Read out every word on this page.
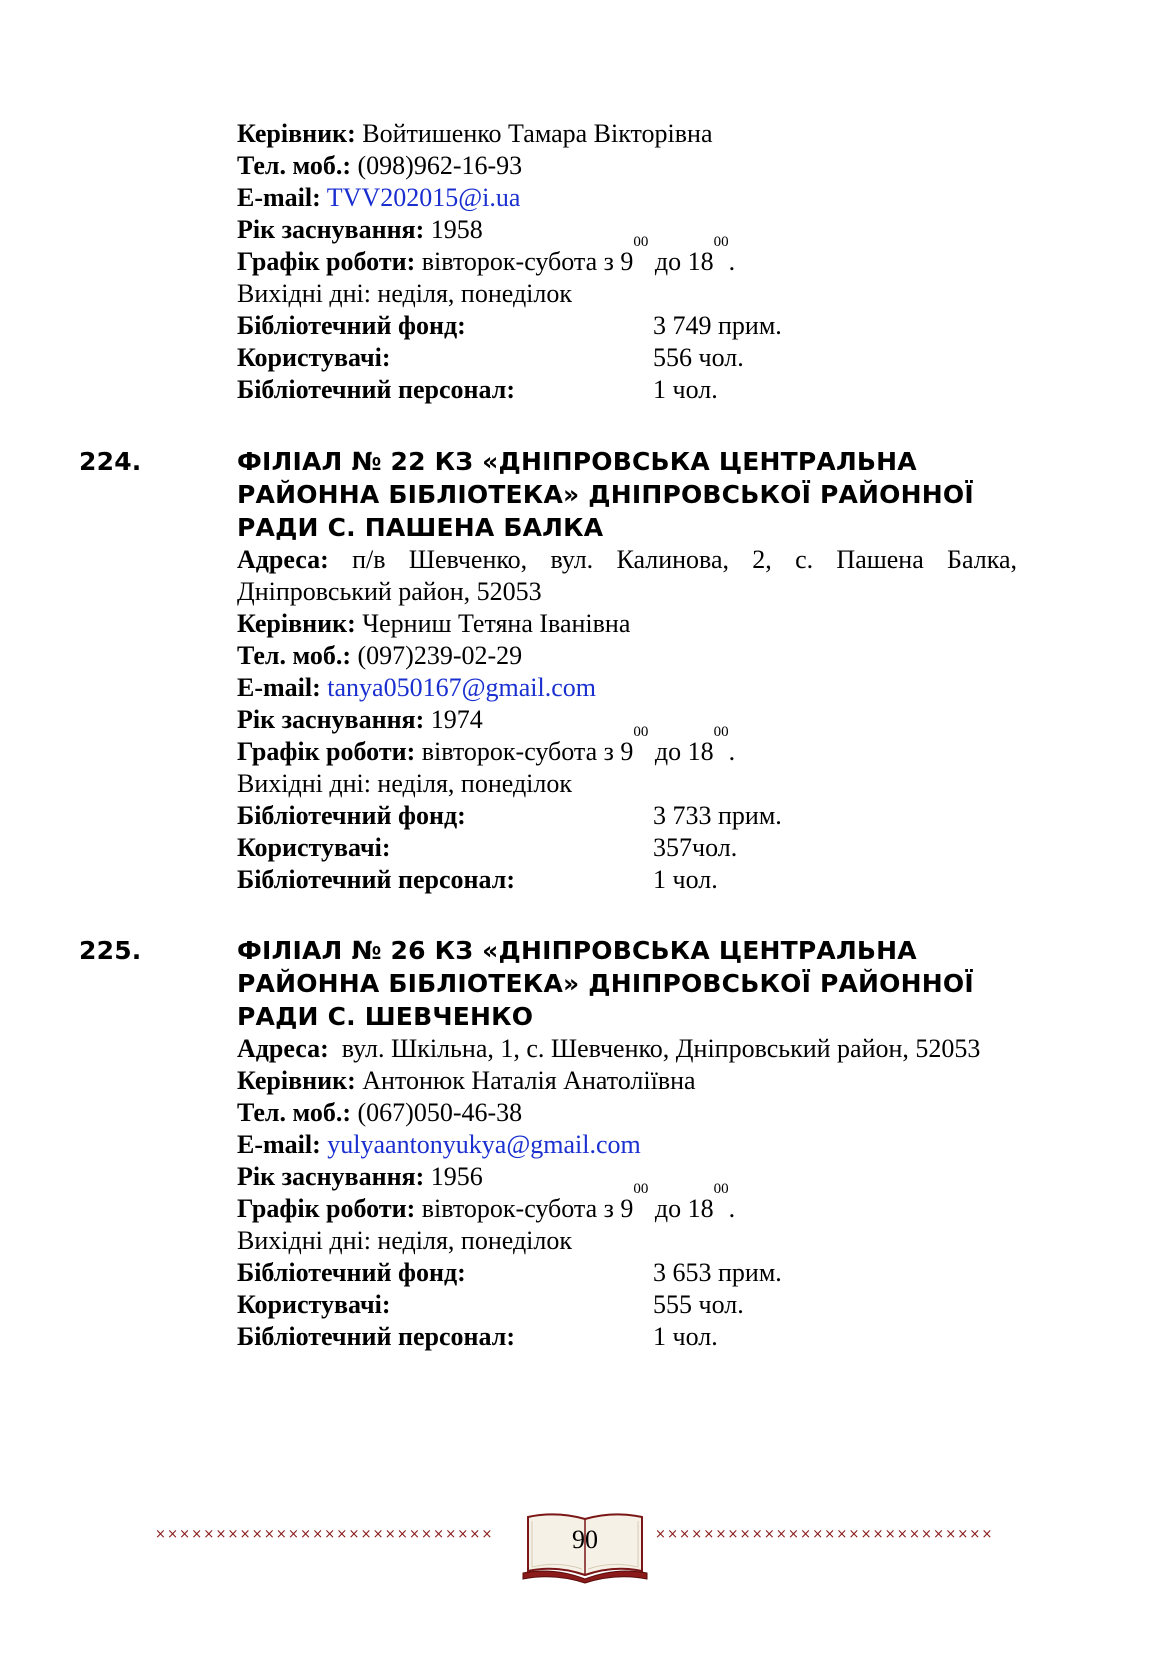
Керівник: Войтишенко Тамара Вікторівна
Тел. моб.: (098)962-16-93
E-mail: TVV202015@i.ua
Рік заснування: 1958
Графік роботи: вівторок-субота з $9^{00}$ до $18^{00}$.
Вихідні дні: неділя, понеділок
Бібліотечний фонд:	3 749 прим.
Користувачі:	556 чол.
Бібліотечний персонал:	1 чол.
224.	ФІЛІАЛ № 22 КЗ «ДНІПРОВСЬКА ЦЕНТРАЛЬНА
РАЙОННА БІБЛІОТЕКА» ДНІПРОВСЬКОЇ РАЙОННОЇ
РАДИ С. ПАШЕНА БАЛКА
Адреса: п/в Шевченко, вул. Калинова, 2, с. Пашена Балка, Дніпровський район, 52053
Керівник: Черниш Тетяна Іванівна
Тел. моб.: (097)239-02-29
E-mail: tanya050167@gmail.com
Рік заснування: 1974
Графік роботи: вівторок-субота з $9^{00}$ до $18^{00}$.
Вихідні дні: неділя, понеділок
Бібліотечний фонд:	3 733 прим.
Користувачі:	357чол.
Бібліотечний персонал:	1 чол.
225.	ФІЛІАЛ № 26 КЗ «ДНІПРОВСЬКА ЦЕНТРАЛЬНА
РАЙОННА БІБЛІОТЕКА» ДНІПРОВСЬКОЇ РАЙОННОЇ
РАДИ С. ШЕВЧЕНКО
Адреса: вул. Шкільна, 1, с. Шевченко, Дніпровський район, 52053
Керівник: Антонюк Наталія Анатоліївна
Тел. моб.: (067)050-46-38
E-mail: yulyaantonyukya@gmail.com
Рік заснування: 1956
Графік роботи: вівторок-субота з $9^{00}$ до $18^{00}$.
Вихідні дні: неділя, понеділок
Бібліотечний фонд:	3 653 прим.
Користувачі:	555 чол.
Бібліотечний персонал:	1 чол.
××××××××××××××××××××××××××××	90	××××××××××××××××××××××××××××
